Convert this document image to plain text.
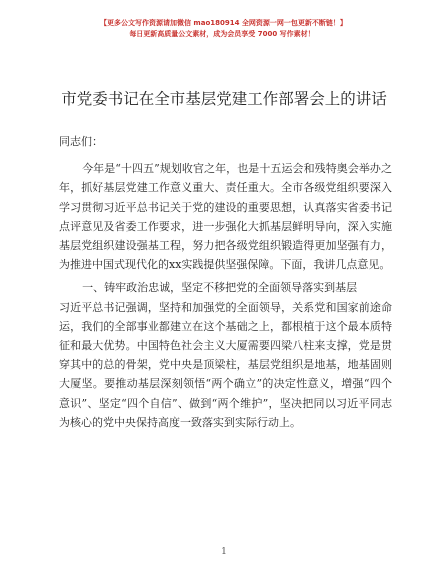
【更多公文写作资源请加微信 mao180914 全网资源一网一包更新不断链！】
每日更新高质量公文素材，成为会员享受 7000 写作素材！
市党委书记在全市基层党建工作部署会上的讲话

同志们：

今年是“十四五”规划收官之年，也是十五运会和残特奥会举办之年，抓好基层党建工作意义重大、责任重大。全市各级党组织要深入学习贯彻习近平总书记关于党的建设的重要思想，认真落实省委书记点评意见及省委工作要求，进一步强化大抓基层鲜明导向，深入实施基层党组织建设强基工程，努力把各级党组织锻造得更加坚强有力，为推进中国式现代化的xx实践提供坚强保障。下面，我讲几点意见。

一、铸牢政治忠诚，坚定不移把党的全面领导落实到基层

习近平总书记强调，坚持和加强党的全面领导，关系党和国家前途命运，我们的全部事业都建立在这个基础之上，都根植于这个最本质特征和最大优势。中国特色社会主义大厦需要四梁八柱来支撑，党是贯穿其中的总的骨架，党中央是顶梁柱，基层党组织是地基，地基固则大厦坚。要推动基层深刻领悟“两个确立”的决定性意义，增强“四个意识”、坚定“四个自信”、做到“两个维护”，坚决把同以习近平同志为核心的党中央保持高度一致落实到实际行动上。

1
